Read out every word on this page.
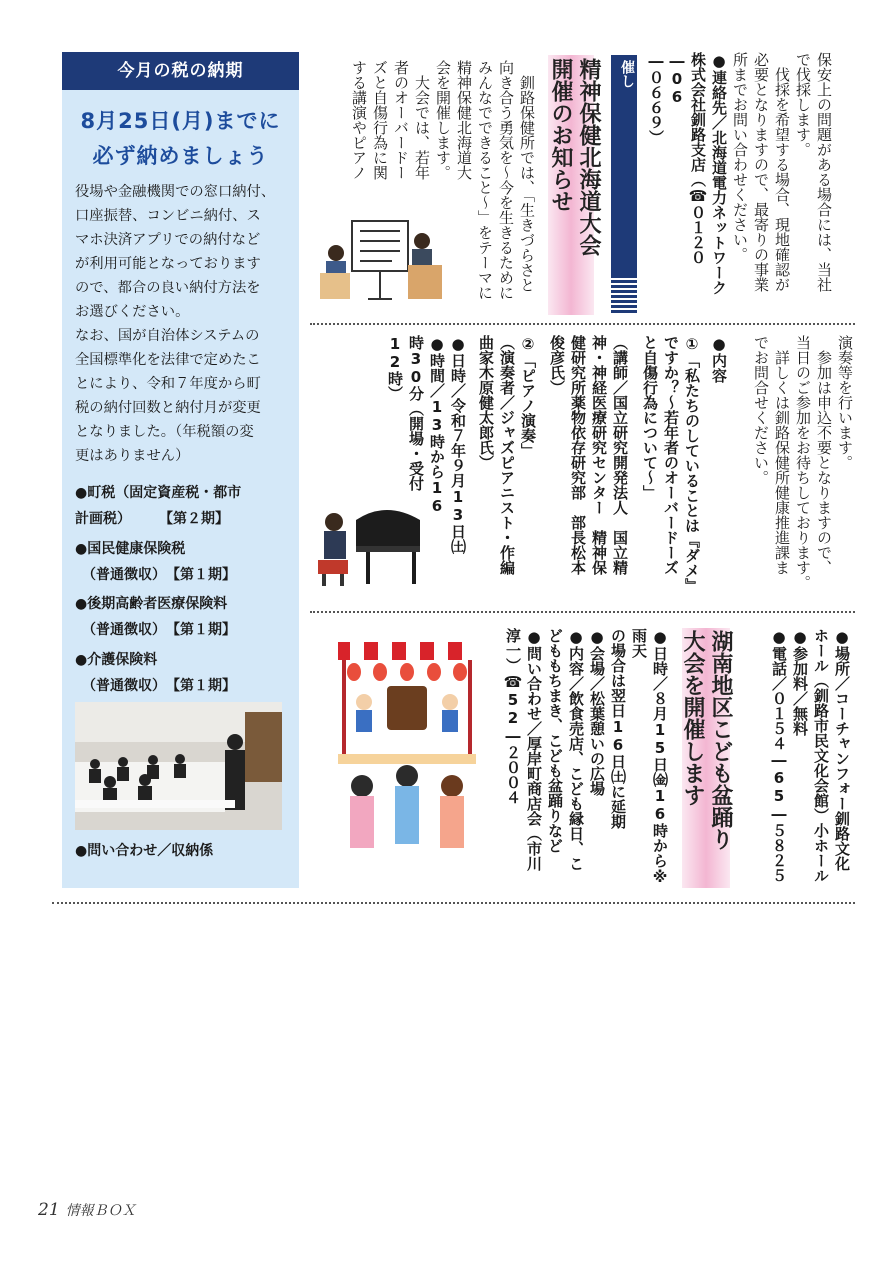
今月の税の納期
8月25日(月)までに
必ず納めましょう
役場や金融機関での窓口納付、
口座振替、コンビニ納付、ス
マホ決済アプリでの納付など
が利用可能となっております
ので、都合の良い納付方法を
お選びください。
なお、国が自治体システムの
全国標準化を法律で定めたこ
とにより、令和７年度から町
税の納付回数と納付月が変更
となりました。（年税額の変
更はありません）
●町税（固定資産税・都市
計画税）　　　【第２期】
●国民健康保険税
　（普通徴収）　【第１期】
●後期高齢者医療保険料
　（普通徴収）　【第１期】
●介護保険料
　（普通徴収）　【第１期】
●問い合わせ／収納係

保安上の問題がある場合には、当社
で伐採します。
　伐採を希望する場合、現地確認が
必要となりますので、最寄りの事業
所までお問い合わせください。
●連絡先／北海道電力ネットワーク
株式会社釧路支店（☎０１２０―06
―０６６９）

催し
精神保健北海道大会
開催のお知らせ
　釧路保健所では、「生きづらさと
向き合う勇気を～今を生きるために
みんなでできること～」をテーマに
精神保健北海道大
会を開催します。
　大会では、若年
者のオーバードー
ズと自傷行為に関
する講演やピアノ
演奏等を行います。
　参加は申込不要となりますので、
当日のご参加をお待ちしております。
　詳しくは釧路保健所健康推進課ま
でお問合せください。
●内容
①「私たちのしていることは『ダメ』
ですか？～若年者のオーバードーズ
と自傷行為について～」
（講師／国立研究開発法人　国立精
神・神経医療研究センター　精神保
健研究所薬物依存研究部　部長松本
俊彦氏）
②「ピアノ演奏」
（演奏者／ジャズピアニスト・作編
曲家木原健太郎氏）
●日時／令和７年９月13日㈯
●時間／13時から16
時30分（開場・受付
12時）
●場所／コーチャンフォー釧路文化
ホール（釧路市民文化会館）小ホール
●参加料／無料
●電話／０１５４―65―５８２５
湖南地区こども盆踊り
大会を開催します
●日時／８月15日㈮16時から※雨天
の場合は翌日16日㈯に延期
●会場／松葉憩いの広場
●内容／飲食売店、こども縁日、こ
どももちまき、こども盆踊りなど
●問い合わせ／厚岸町商店会（市川
淳一）☎52―２００４
21 情報ＢＯＸ
